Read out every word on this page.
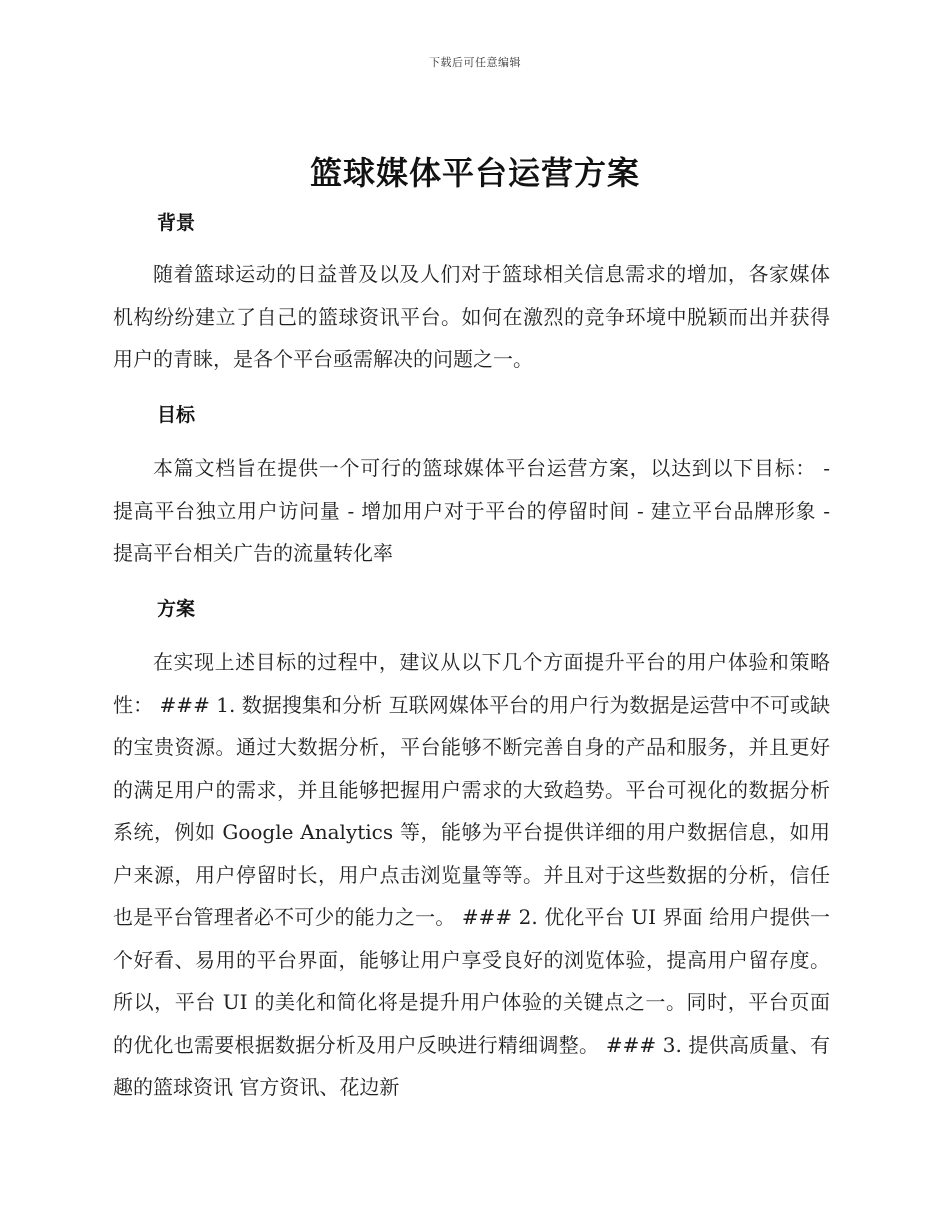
下载后可任意编辑
篮球媒体平台运营方案
背景
随着篮球运动的日益普及以及人们对于篮球相关信息需求的增加，各家媒体机构纷纷建立了自己的篮球资讯平台。如何在激烈的竞争环境中脱颖而出并获得用户的青睐，是各个平台亟需解决的问题之一。
目标
本篇文档旨在提供一个可行的篮球媒体平台运营方案，以达到以下目标： - 提高平台独立用户访问量 - 增加用户对于平台的停留时间 - 建立平台品牌形象 - 提高平台相关广告的流量转化率
方案
在实现上述目标的过程中，建议从以下几个方面提升平台的用户体验和策略性： ### 1. 数据搜集和分析 互联网媒体平台的用户行为数据是运营中不可或缺的宝贵资源。通过大数据分析，平台能够不断完善自身的产品和服务，并且更好的满足用户的需求，并且能够把握用户需求的大致趋势。平台可视化的数据分析系统，例如 Google Analytics 等，能够为平台提供详细的用户数据信息，如用户来源，用户停留时长，用户点击浏览量等等。并且对于这些数据的分析，信任也是平台管理者必不可少的能力之一。 ### 2. 优化平台 UI 界面 给用户提供一个好看、易用的平台界面，能够让用户享受良好的浏览体验，提高用户留存度。所以，平台 UI 的美化和简化将是提升用户体验的关键点之一。同时，平台页面的优化也需要根据数据分析及用户反映进行精细调整。 ### 3. 提供高质量、有趣的篮球资讯 官方资讯、花边新
